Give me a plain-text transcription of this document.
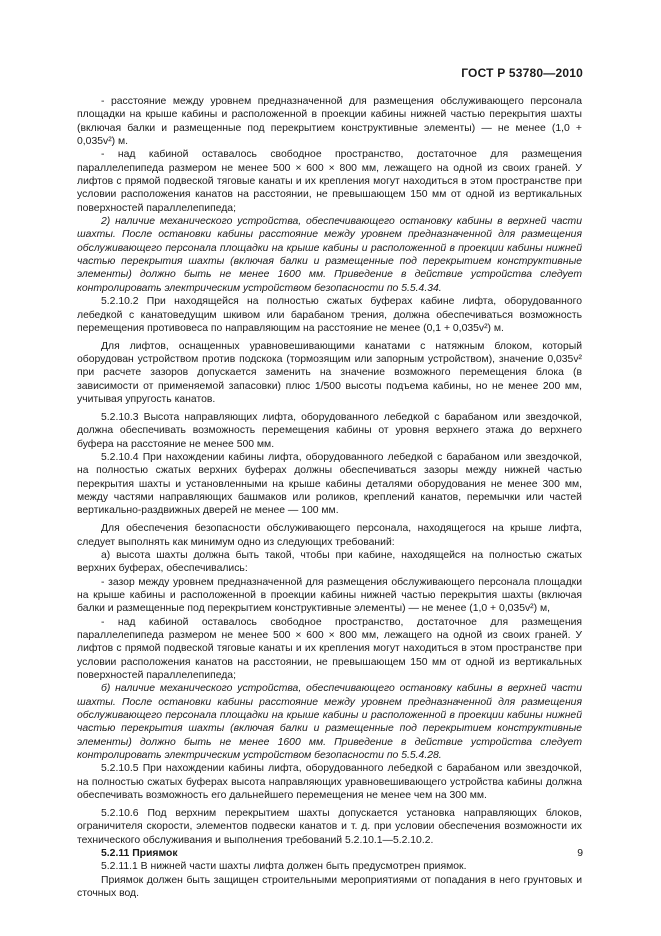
ГОСТ Р 53780—2010

- расстояние между уровнем предназначенной для размещения обслуживающего персонала площадки на крыше кабины и расположенной в проекции кабины нижней частью перекрытия шахты (включая балки и размещенные под перекрытием конструктивные элементы) — не менее (1,0 + 0,035v²) м.

- над кабиной оставалось свободное пространство, достаточное для размещения параллелепипеда размером не менее 500 × 600 × 800 мм, лежащего на одной из своих граней. У лифтов с прямой подвеской тяговые канаты и их крепления могут находиться в этом пространстве при условии расположения канатов на расстоянии, не превышающем 150 мм от одной из вертикальных поверхностей параллелепипеда;

2) наличие механического устройства, обеспечивающего остановку кабины в верхней части шахты. После остановки кабины расстояние между уровнем предназначенной для размещения обслуживающего персонала площадки на крыше кабины и расположенной в проекции кабины нижней частью перекрытия шахты (включая балки и размещенные под перекрытием конструктивные элементы) должно быть не менее 1600 мм. Приведение в действие устройства следует контролировать электрическим устройством безопасности по 5.5.4.34.

5.2.10.2 При находящейся на полностью сжатых буферах кабине лифта, оборудованного лебедкой с канатоведущим шкивом или барабаном трения, должна обеспечиваться возможность перемещения противовеса по направляющим на расстояние не менее (0,1 + 0,035v²) м.

Для лифтов, оснащенных уравновешивающими канатами с натяжным блоком, который оборудован устройством против подскока (тормозящим или запорным устройством), значение 0,035v² при расчете зазоров допускается заменить на значение возможного перемещения блока (в зависимости от применяемой запасовки) плюс 1/500 высоты подъема кабины, но не менее 200 мм, учитывая упругость канатов.

5.2.10.3 Высота направляющих лифта, оборудованного лебедкой с барабаном или звездочкой, должна обеспечивать возможность перемещения кабины от уровня верхнего этажа до верхнего буфера на расстояние не менее 500 мм.

5.2.10.4 При нахождении кабины лифта, оборудованного лебедкой с барабаном или звездочкой, на полностью сжатых верхних буферах должны обеспечиваться зазоры между нижней частью перекрытия шахты и установленными на крыше кабины деталями оборудования не менее 300 мм, между частями направляющих башмаков или роликов, креплений канатов, перемычки или частей вертикально-раздвижных дверей не менее — 100 мм.

Для обеспечения безопасности обслуживающего персонала, находящегося на крыше лифта, следует выполнять как минимум одно из следующих требований:

а) высота шахты должна быть такой, чтобы при кабине, находящейся на полностью сжатых верхних буферах, обеспечивались:

- зазор между уровнем предназначенной для размещения обслуживающего персонала площадки на крыше кабины и расположенной в проекции кабины нижней частью перекрытия шахты (включая балки и размещенные под перекрытием конструктивные элементы) — не менее (1,0 + 0,035v²) м,

- над кабиной оставалось свободное пространство, достаточное для размещения параллелепипеда размером не менее 500 × 600 × 800 мм, лежащего на одной из своих граней. У лифтов с прямой подвеской тяговые канаты и их крепления могут находиться в этом пространстве при условии расположения канатов на расстоянии, не превышающем 150 мм от одной из вертикальных поверхностей параллелепипеда;

б) наличие механического устройства, обеспечивающего остановку кабины в верхней части шахты. После остановки кабины расстояние между уровнем предназначенной для размещения обслуживающего персонала площадки на крыше кабины и расположенной в проекции кабины нижней частью перекрытия шахты (включая балки и размещенные под перекрытием конструктивные элементы) должно быть не менее 1600 мм. Приведение в действие устройства следует контролировать электрическим устройством безопасности по 5.5.4.28.

5.2.10.5 При нахождении кабины лифта, оборудованного лебедкой с барабаном или звездочкой, на полностью сжатых буферах высота направляющих уравновешивающего устройства кабины должна обеспечивать возможность его дальнейшего перемещения не менее чем на 300 мм.

5.2.10.6 Под верхним перекрытием шахты допускается установка направляющих блоков, ограничителя скорости, элементов подвески канатов и т. д. при условии обеспечения возможности их технического обслуживания и выполнения требований 5.2.10.1—5.2.10.2.

5.2.11 Приямок

5.2.11.1 В нижней части шахты лифта должен быть предусмотрен приямок.

Приямок должен быть защищен строительными мероприятиями от попадания в него грунтовых и сточных вод.

9
